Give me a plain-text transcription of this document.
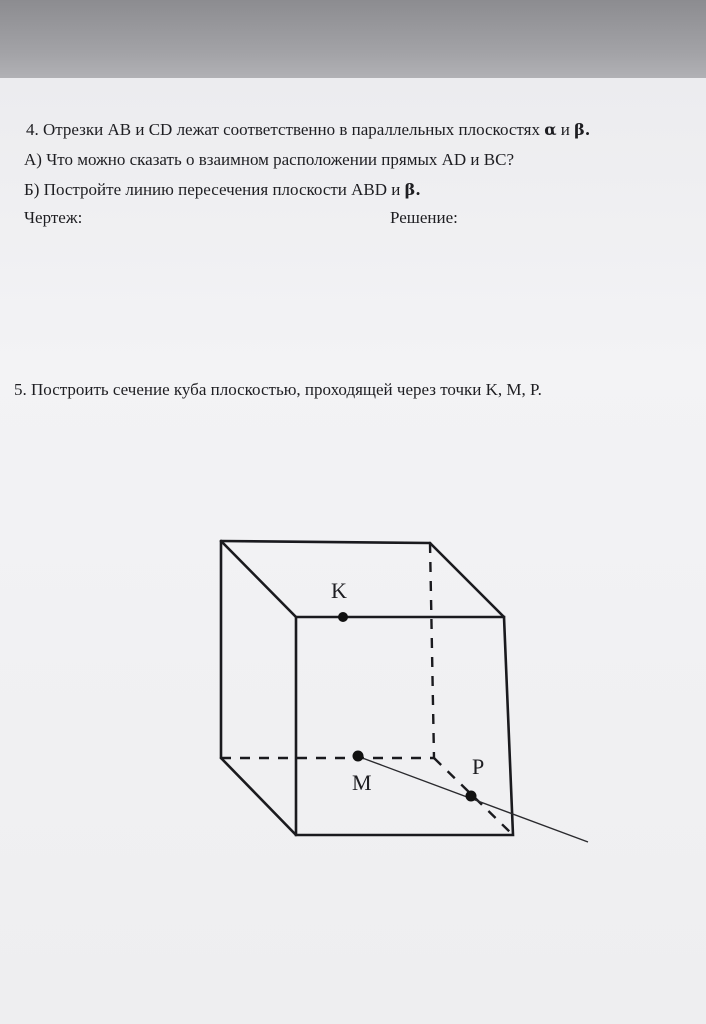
4. Отрезки AB и CD лежат соответственно в параллельных плоскостях α и β.
А) Что можно сказать о взаимном расположении прямых AD и BC?
Б) Постройте линию пересечения плоскости ABD и β.
Чертеж:	Решение:
5. Построить сечение куба плоскостью, проходящей через точки K, M, P.
K
M
P
